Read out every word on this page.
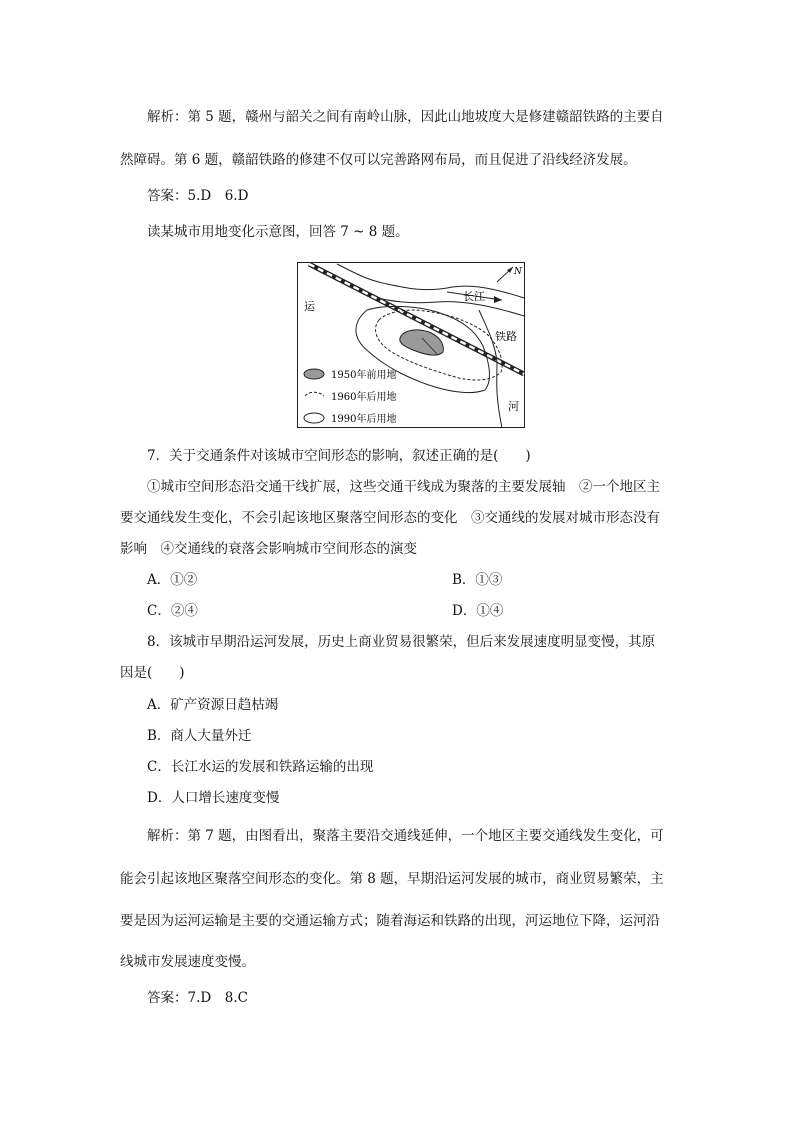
解析：第 5 题，赣州与韶关之间有南岭山脉，因此山地坡度大是修建赣韶铁路的主要自
然障碍。第 6 题，赣韶铁路的修建不仅可以完善路网布局，而且促进了沿线经济发展。
答案：5.D　6.D
读某城市用地变化示意图，回答 7 ~ 8 题。
N
长江
运
河
铁路
1950年前用地
1960年后用地
1990年后用地
7．关于交通条件对该城市空间形态的影响，叙述正确的是(　　)
①城市空间形态沿交通干线扩展，这些交通干线成为聚落的主要发展轴　②一个地区主
要交通线发生变化，不会引起该地区聚落空间形态的变化　③交通线的发展对城市形态没有
影响　④交通线的衰落会影响城市空间形态的演变
A．①②	B．①③
C．②④	D．①④
8．该城市早期沿运河发展，历史上商业贸易很繁荣，但后来发展速度明显变慢，其原
因是(　　)
A．矿产资源日趋枯竭
B．商人大量外迁
C．长江水运的发展和铁路运输的出现
D．人口增长速度变慢
解析：第 7 题，由图看出，聚落主要沿交通线延伸，一个地区主要交通线发生变化，可
能会引起该地区聚落空间形态的变化。第 8 题，早期沿运河发展的城市，商业贸易繁荣，主
要是因为运河运输是主要的交通运输方式；随着海运和铁路的出现，河运地位下降，运河沿
线城市发展速度变慢。
答案：7.D　8.C
